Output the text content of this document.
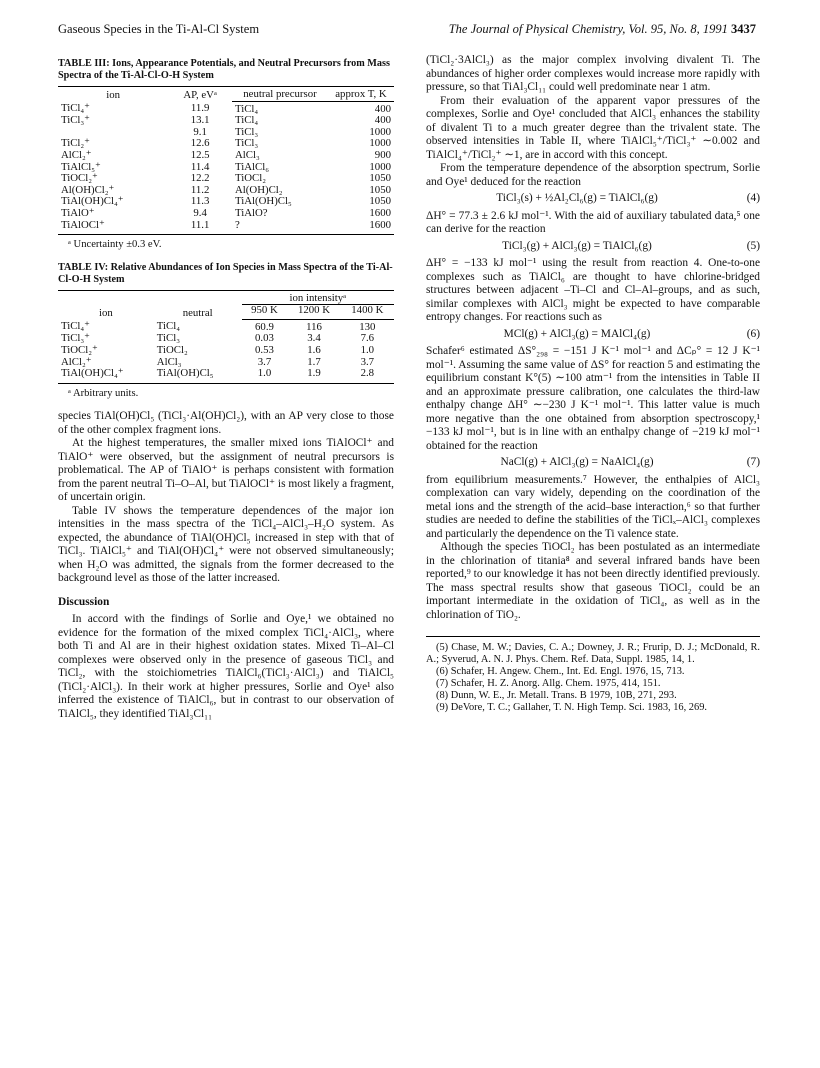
Gaseous Species in the Ti-Al-Cl System	The Journal of Physical Chemistry, Vol. 95, No. 8, 1991 3437
TABLE III: Ions, Appearance Potentials, and Neutral Precursors from Mass Spectra of the Ti-Al-Cl-O-H System
ion	AP, eVᵃ	neutral precursor	approx T, K

TiCl₄⁺	11.9	TiCl₄	400
TiCl₃⁺	13.1	TiCl₄	400
	9.1	TiCl₃	1000
TiCl₂⁺	12.6	TiCl₃	1000
AlCl₂⁺	12.5	AlCl₃	900
TiAlCl₅⁺	11.4	TiAlCl₆	1000
TiOCl₂⁺	12.2	TiOCl₂	1050
Al(OH)Cl₂⁺	11.2	Al(OH)Cl₂	1050
TiAl(OH)Cl₄⁺	11.3	TiAl(OH)Cl₅	1050
TiAlO⁺	9.4	TiAlO?	1600
TiAlOCl⁺	11.1	?	1600
ᵃ Uncertainty ±0.3 eV.
TABLE IV: Relative Abundances of Ion Species in Mass Spectra of the Ti-Al-Cl-O-H System
ion	neutral	ion intensityᵃ		
		950 K	1200 K	1400 K
TiCl₄⁺	TiCl₄	60.9	116	130
TiCl₃⁺	TiCl₃	0.03	3.4	7.6
TiOCl₂⁺	TiOCl₂	0.53	1.6	1.0
AlCl₂⁺	AlCl₃	3.7	1.7	3.7
TiAl(OH)Cl₄⁺	TiAl(OH)Cl₅	1.0	1.9	2.8
ᵃ Arbitrary units.

species TiAl(OH)Cl₅ (TiCl₃·Al(OH)Cl₂), with an AP very close to those of the other complex fragment ions.

At the highest temperatures, the smaller mixed ions TiAlOCl⁺ and TiAlO⁺ were observed, but the assignment of neutral precursors is problematical. The AP of TiAlO⁺ is perhaps consistent with formation from the parent neutral Ti–O–Al, but TiAlOCl⁺ is most likely a fragment, of uncertain origin.

Table IV shows the temperature dependences of the major ion intensities in the mass spectra of the TiCl₄–AlCl₃–H₂O system. As expected, the abundance of TiAl(OH)Cl₅ increased in step with that of TiCl₃. TiAlCl₅⁺ and TiAl(OH)Cl₄⁺ were not observed simultaneously; when H₂O was admitted, the signals from the former decreased to the background level as those of the latter increased.

Discussion

In accord with the findings of Sorlie and Oye,¹ we obtained no evidence for the formation of the mixed complex TiCl₄·AlCl₃, where both Ti and Al are in their highest oxidation states. Mixed Ti–Al–Cl complexes were observed only in the presence of gaseous TiCl₃ and TiCl₂, with the stoichiometries TiAlCl₆(TiCl₃·AlCl₃) and TiAlCl₅ (TiCl₂·AlCl₃). In their work at higher pressures, Sorlie and Oye¹ also inferred the existence of TiAlCl₆, but in contrast to our observation of TiAlCl₅, they identified TiAl₃Cl₁₁

(TiCl₂·3AlCl₃) as the major complex involving divalent Ti. The abundances of higher order complexes would increase more rapidly with pressure, so that TiAl₃Cl₁₁ could well predominate near 1 atm.

From their evaluation of the apparent vapor pressures of the complexes, Sorlie and Oye¹ concluded that AlCl₃ enhances the stability of divalent Ti to a much greater degree than the trivalent state. The observed intensities in Table II, where TiAlCl₅⁺/TiCl₃⁺ ∼0.002 and TiAlCl₄⁺/TiCl₂⁺ ∼1, are in accord with this concept.

From the temperature dependence of the absorption spectrum, Sorlie and Oye¹ deduced for the reaction

TiCl₃(s) + ½Al₂Cl₆(g) = TiAlCl₆(g)	(4)

ΔH° = 77.3 ± 2.6 kJ mol⁻¹. With the aid of auxiliary tabulated data,⁵ one can derive for the reaction

TiCl₃(g) + AlCl₃(g) = TiAlCl₆(g)	(5)

ΔH° = −133 kJ mol⁻¹ using the result from reaction 4. One-to-one complexes such as TiAlCl₆ are thought to have chlorine-bridged structures between adjacent –Ti–Cl and Cl–Al–groups, and as such, similar complexes with AlCl₃ might be expected to have comparable entropy changes. For reactions such as

MCl(g) + AlCl₃(g) = MAlCl₄(g)	(6)

Schafer⁶ estimated ΔS°₂₉₈ = −151 J K⁻¹ mol⁻¹ and ΔCₚ° = 12 J K⁻¹ mol⁻¹. Assuming the same value of ΔS° for reaction 5 and estimating the equilibrium constant K°(5) ∼100 atm⁻¹ from the intensities in Table II and an approximate pressure calibration, one calculates the third-law enthalpy change ΔH° ∼−230 J K⁻¹ mol⁻¹. This latter value is much more negative than the one obtained from absorption spectroscopy,¹ −133 kJ mol⁻¹, but is in line with an enthalpy change of −219 kJ mol⁻¹ obtained for the reaction

NaCl(g) + AlCl₃(g) = NaAlCl₄(g)	(7)

from equilibrium measurements.⁷ However, the enthalpies of AlCl₃ complexation can vary widely, depending on the coordination of the metal ions and the strength of the acid–base interaction,⁶ so that further studies are needed to define the stabilities of the TiClₓ–AlCl₃ complexes and particularly the dependence on the Ti valence state.

Although the species TiOCl₂ has been postulated as an intermediate in the chlorination of titania⁸ and several infrared bands have been reported,⁹ to our knowledge it has not been directly identified previously. The mass spectral results show that gaseous TiOCl₂ could be an important intermediate in the oxidation of TiCl₄, as well as in the chlorination of TiO₂.

(5) Chase, M. W.; Davies, C. A.; Downey, J. R.; Frurip, D. J.; McDonald, R. A.; Syverud, A. N. J. Phys. Chem. Ref. Data, Suppl. 1985, 14, 1.
(6) Schafer, H. Angew. Chem., Int. Ed. Engl. 1976, 15, 713.
(7) Schafer, H. Z. Anorg. Allg. Chem. 1975, 414, 151.
(8) Dunn, W. E., Jr. Metall. Trans. B 1979, 10B, 271, 293.
(9) DeVore, T. C.; Gallaher, T. N. High Temp. Sci. 1983, 16, 269.
